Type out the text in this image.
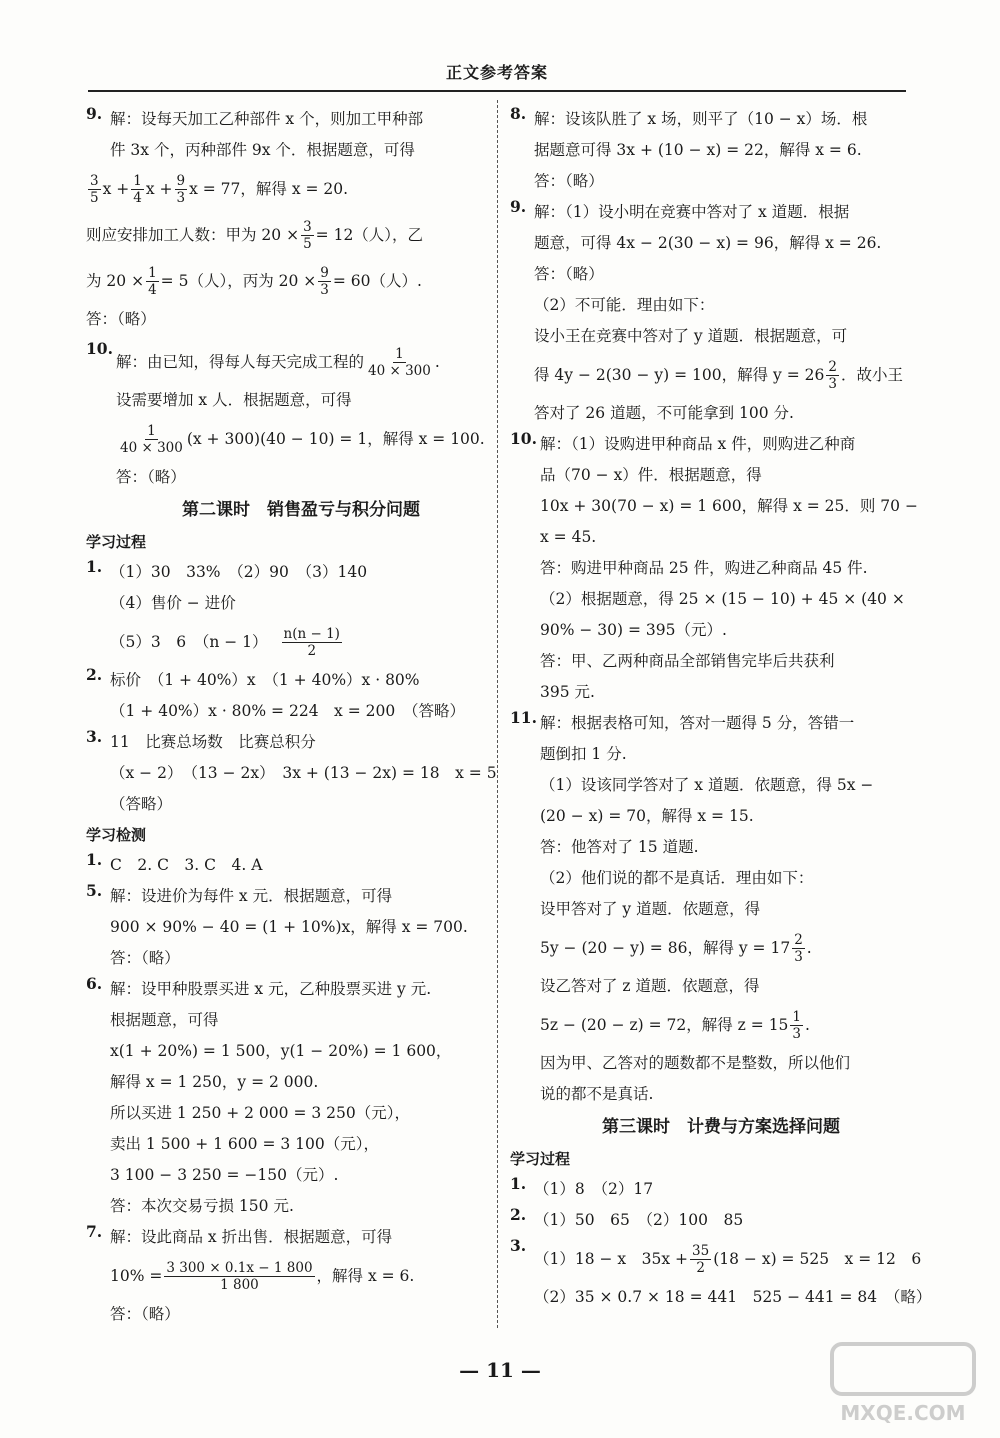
正文参考答案
9. 解：设每天加工乙种部件 x 个，则加工甲种部
件 3x 个，丙种部件 9x 个．根据题意，可得
$\frac{3}{5}$ $x + \frac{1}{4}$ $x + \frac{9}{3}$ x = 77，解得 x = 20.
则应安排加工人数：甲为 $20 \times \frac{3}{5} = 12$（人），乙
为 $20 \times \frac{1}{4} = 5$（人），丙为 $20 \times \frac{9}{3} = 60$（人）.
答：（略）
10.
解：由已知，得每人每天完成工程的 $\frac{1}{40 \times 300}$ .
设需要增加 x 人．根据题意，可得
$\frac{1}{40 \times 300} (x + 300)(40 - 10) = 1$，解得 x = 100.
答：（略）
第二课时　销售盈亏与积分问题
学习过程
1. （1）30　33%　（2）90　（3）140
（4）售价 − 进价
（5）3　6　$(n - 1) \frac{n(n - 1)}{2}$
2. 标价　（1 + 40%）x　（1 + 40%）x · 80%
（1 + 40%）x · 80% = 224　x = 200　（答略）
3. 11　比赛总场数　比赛总积分
（x − 2）　（13 − 2x）　3x + (13 − 2x) = 18　x = 5
（答略）
学习检测
1. C　2. C　3. C　4. A
5. 解：设进价为每件 x 元．根据题意，可得
900 × 90% − 40 = (1 + 10%)x，解得 x = 700.
答：（略）
6. 解：设甲种股票买进 x 元，乙种股票买进 y 元.
根据题意，可得
x(1 + 20%) = 1 500，y(1 − 20%) = 1 600，
解得 x = 1 250，y = 2 000.
所以买进 1 250 + 2 000 = 3 250（元），
卖出 1 500 + 1 600 = 3 100（元），
3 100 − 3 250 = −150（元）.
答：本次交易亏损 150 元.
7. 解：设此商品 x 折出售．根据题意，可得
$10\% = \frac{3 300 \times 0.1x - 1 800}{1 800}$ ，解得 x = 6.
答：（略）
8. 解：设该队胜了 x 场，则平了（10 − x）场．根
据题意可得 3x + (10 − x) = 22，解得 x = 6.
答：（略）
9. 解：（1）设小明在竞赛中答对了 x 道题．根据
题意，可得 4x − 2(30 − x) = 96，解得 x = 26.
答：（略）
（2）不可能．理由如下：
设小王在竞赛中答对了 y 道题．根据题意，可
得 4y − 2(30 − y) = 100，解得 $y = 26 \frac{2}{3}$ ．故小王
答对了 26 道题，不可能拿到 100 分.
10. 解：（1）设购进甲种商品 x 件，则购进乙种商
品（70 − x）件．根据题意，得
10x + 30(70 − x) = 1 600，解得 x = 25．则 70 −
x = 45.
答：购进甲种商品 25 件，购进乙种商品 45 件.
（2）根据题意，得 25 × (15 − 10) + 45 × (40 ×
90% − 30) = 395（元）.
答：甲、乙两种商品全部销售完毕后共获利
395 元.
11. 解：根据表格可知，答对一题得 5 分，答错一
题倒扣 1 分.
（1）设该同学答对了 x 道题．依题意，得 5x −
(20 − x) = 70，解得 x = 15.
答：他答对了 15 道题.
（2）他们说的都不是真话．理由如下：
设甲答对了 y 道题．依题意，得
5y − (20 − y) = 86，解得 $y = 17 \frac{2}{3}$ .
设乙答对了 z 道题．依题意，得
5z − (20 − z) = 72，解得 $z = 15 \frac{1}{3}$ .
因为甲、乙答对的题数都不是整数，所以他们
说的都不是真话.
第三课时　计费与方案选择问题
学习过程
1. （1）8　（2）17
2. （1）50　65　（2）100　85
3.
（1）18 − x　$35x + \frac{35}{2} (18 - x) = 525$　x = 12　6
（2）35 × 0.7 × 18 = 441　525 − 441 = 84　（略）
— 11 —
MXQE.COM
